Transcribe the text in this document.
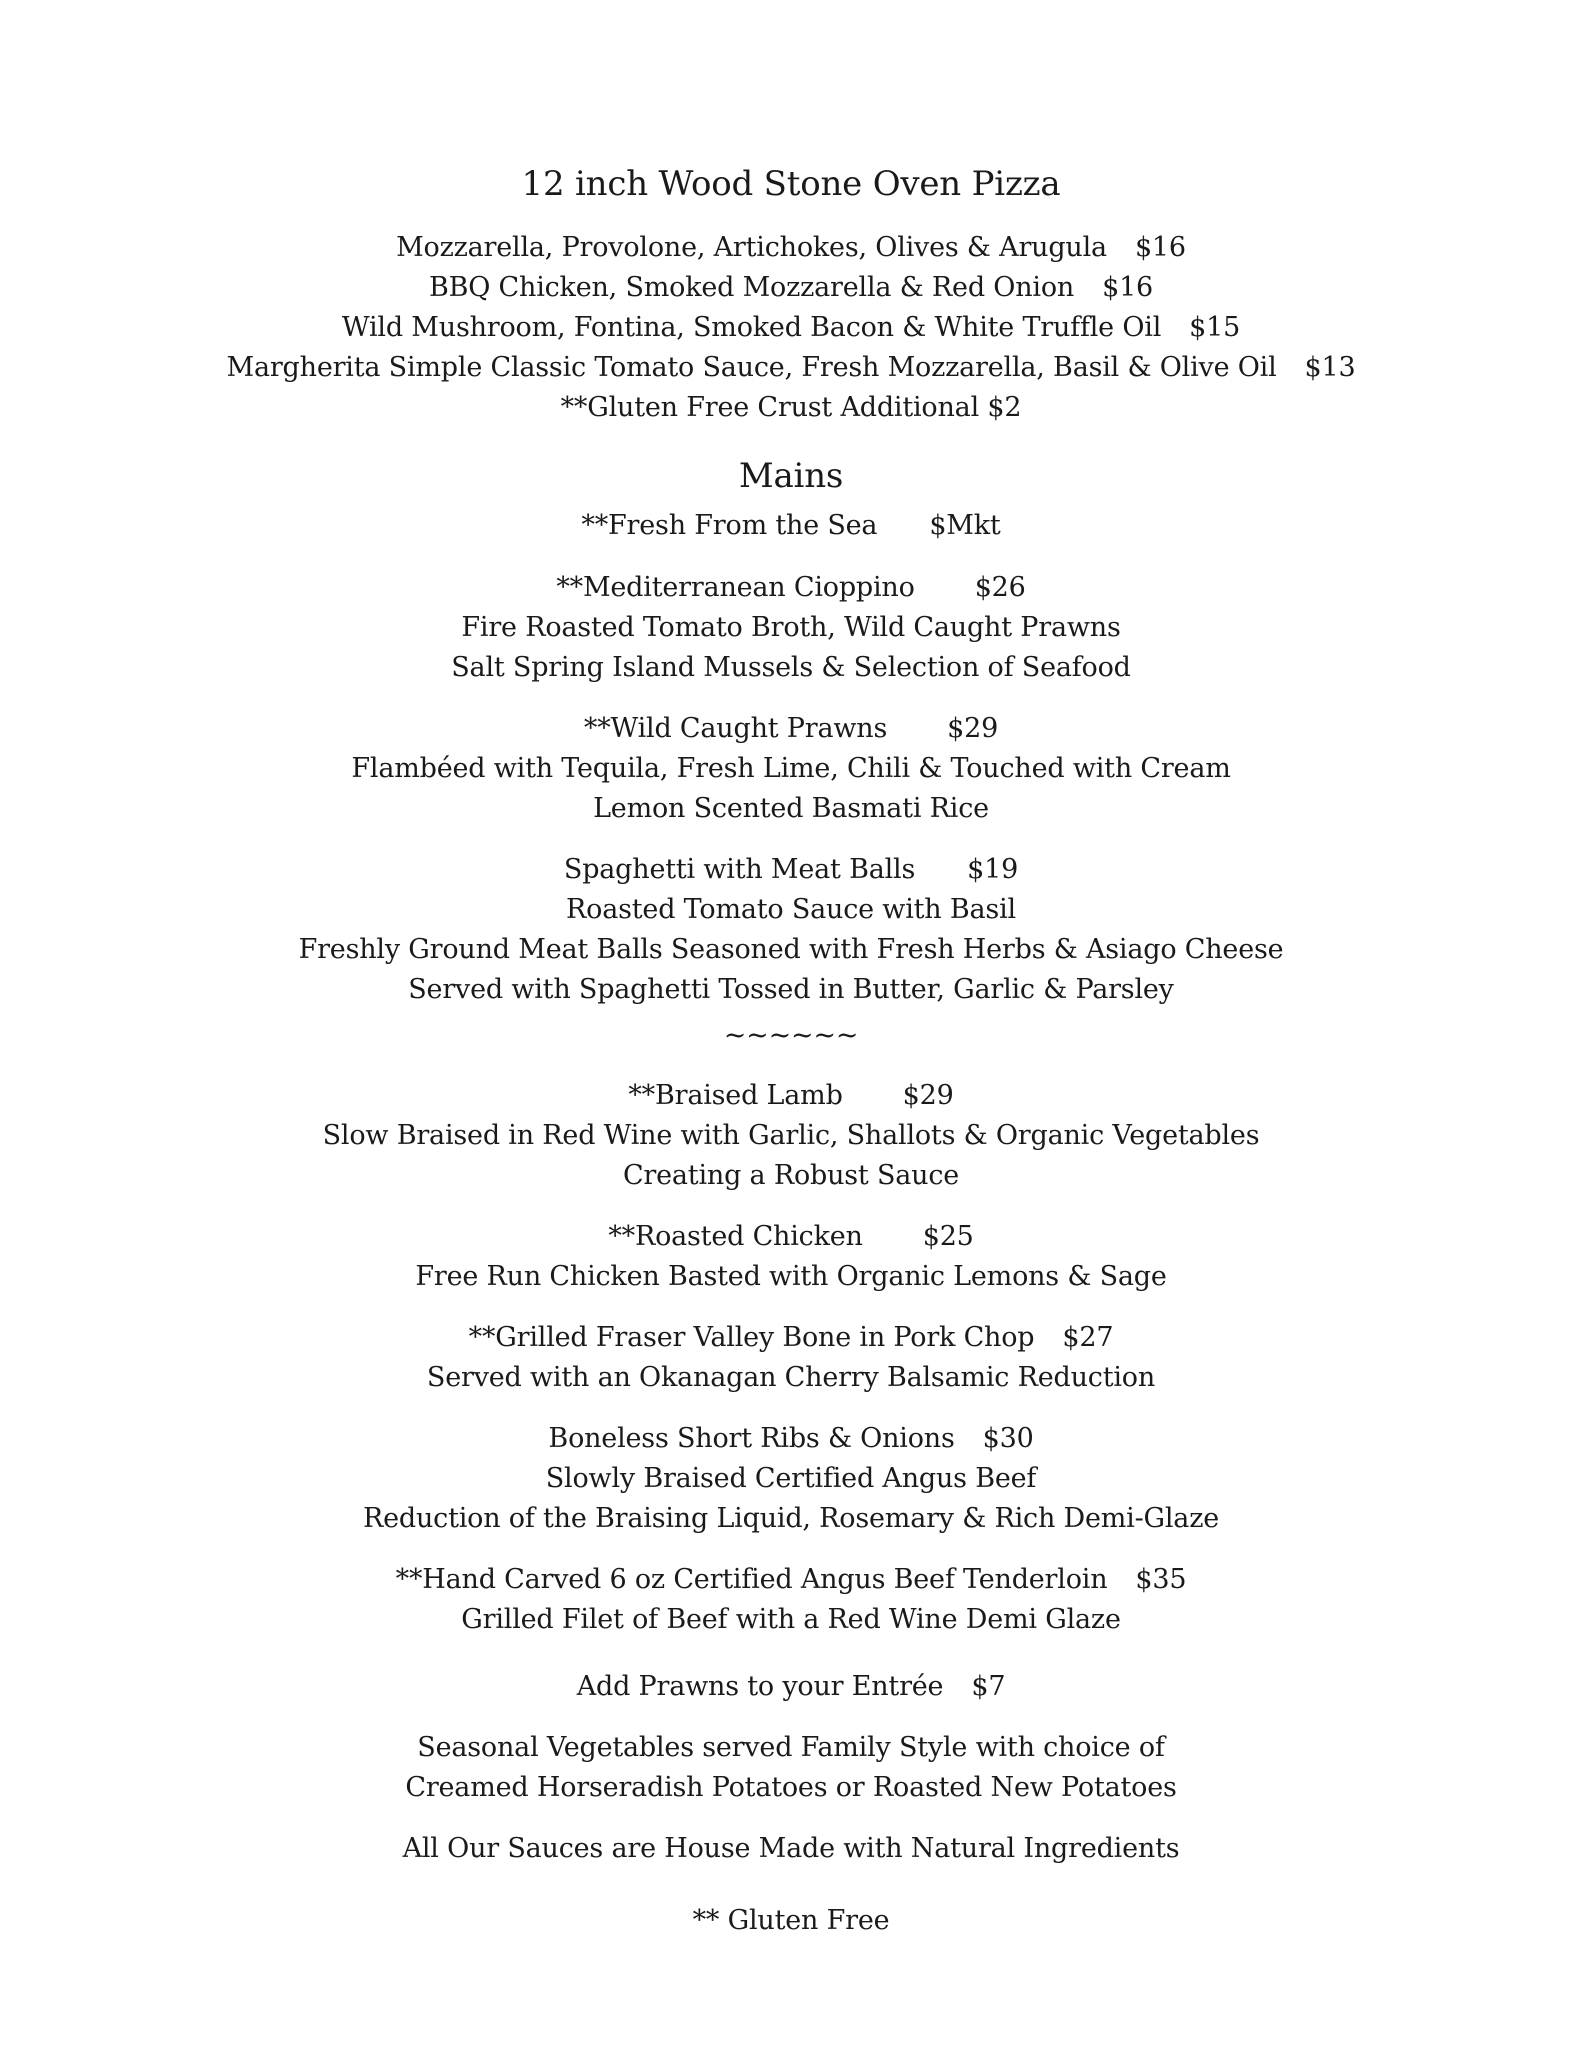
12 inch Wood Stone Oven Pizza
Mozzarella, Provolone, Artichokes, Olives & Arugula $16
BBQ Chicken, Smoked Mozzarella & Red Onion $16
Wild Mushroom, Fontina, Smoked Bacon & White Truffle Oil $15
Margherita Simple Classic Tomato Sauce, Fresh Mozzarella, Basil & Olive Oil $13
**Gluten Free Crust Additional $2
Mains
**Fresh From the Sea $Mkt
**Mediterranean Cioppino $26
Fire Roasted Tomato Broth, Wild Caught Prawns
Salt Spring Island Mussels & Selection of Seafood
**Wild Caught Prawns $29
Flambéed with Tequila, Fresh Lime, Chili & Touched with Cream
Lemon Scented Basmati Rice
Spaghetti with Meat Balls $19
Roasted Tomato Sauce with Basil
Freshly Ground Meat Balls Seasoned with Fresh Herbs & Asiago Cheese
Served with Spaghetti Tossed in Butter, Garlic & Parsley
~~~~~~
**Braised Lamb $29
Slow Braised in Red Wine with Garlic, Shallots & Organic Vegetables
Creating a Robust Sauce
**Roasted Chicken $25
Free Run Chicken Basted with Organic Lemons & Sage
**Grilled Fraser Valley Bone in Pork Chop $27
Served with an Okanagan Cherry Balsamic Reduction
Boneless Short Ribs & Onions $30
Slowly Braised Certified Angus Beef
Reduction of the Braising Liquid, Rosemary & Rich Demi-Glaze
**Hand Carved 6 oz Certified Angus Beef Tenderloin $35
Grilled Filet of Beef with a Red Wine Demi Glaze
Add Prawns to your Entrée $7
Seasonal Vegetables served Family Style with choice of
Creamed Horseradish Potatoes or Roasted New Potatoes
All Our Sauces are House Made with Natural Ingredients
** Gluten Free
